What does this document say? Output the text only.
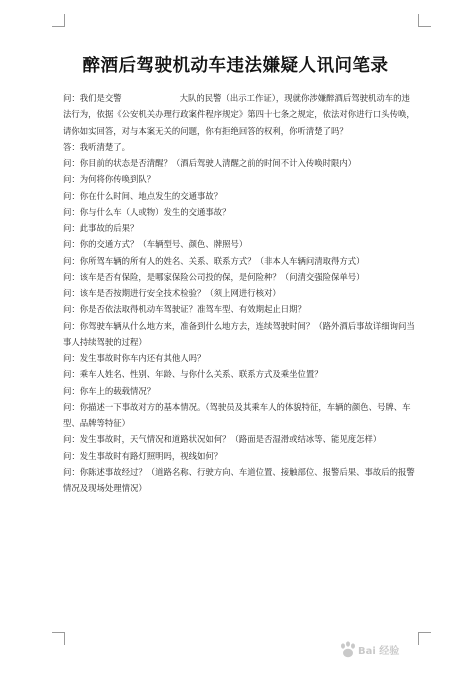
醉酒后驾驶机动车违法嫌疑人讯问笔录

问：我们是交警	大队的民警（出示工作证），现就你涉嫌醉酒后驾驶机动车的违法行为，依据《公安机关办理行政案件程序规定》第四十七条之规定，依法对你进行口头传唤，请你如实回答，对与本案无关的问题，你有拒绝回答的权利，你听清楚了吗？

答：我听清楚了。

问：你目前的状态是否清醒？（酒后驾驶人清醒之前的时间不计入传唤时限内）

问：为何将你传唤到队？

问：你在什么时间、地点发生的交通事故？

问：你与什么车（人或物）发生的交通事故？

问：此事故的后果？

问：你的交通方式？（车辆型号、颜色、牌照号）

问：你所驾车辆的所有人的姓名、关系、联系方式？（非本人车辆问清取得方式）

问：该车是否有保险，是哪家保险公司投的保，是何险种？（问清交强险保单号）

问：该车是否按期进行安全技术检验？（须上网进行核对）

问：你是否依法取得机动车驾驶证？准驾车型、有效期起止日期？

问：你驾驶车辆从什么地方来，准备到什么地方去，连续驾驶时间？（路外酒后事故详细询问当事人持续驾驶的过程）

问：发生事故时你车内还有其他人吗？

问：乘车人姓名、性别、年龄、与你什么关系、联系方式及乘坐位置？

问：你车上的载载情况？

问：你描述一下事故对方的基本情况。（驾驶员及其乘车人的体貌特征，车辆的颜色、号牌、车型、品牌等特征）

问：发生事故时，天气情况和道路状况如何？（路面是否湿滑或结冰等、能见度怎样）

问：发生事故时有路灯照明吗，视线如何？

问：你陈述事故经过？（道路名称、行驶方向、车道位置、接触部位、报警后果、事故后的报警情况及现场处理情况）

Bai 经验
